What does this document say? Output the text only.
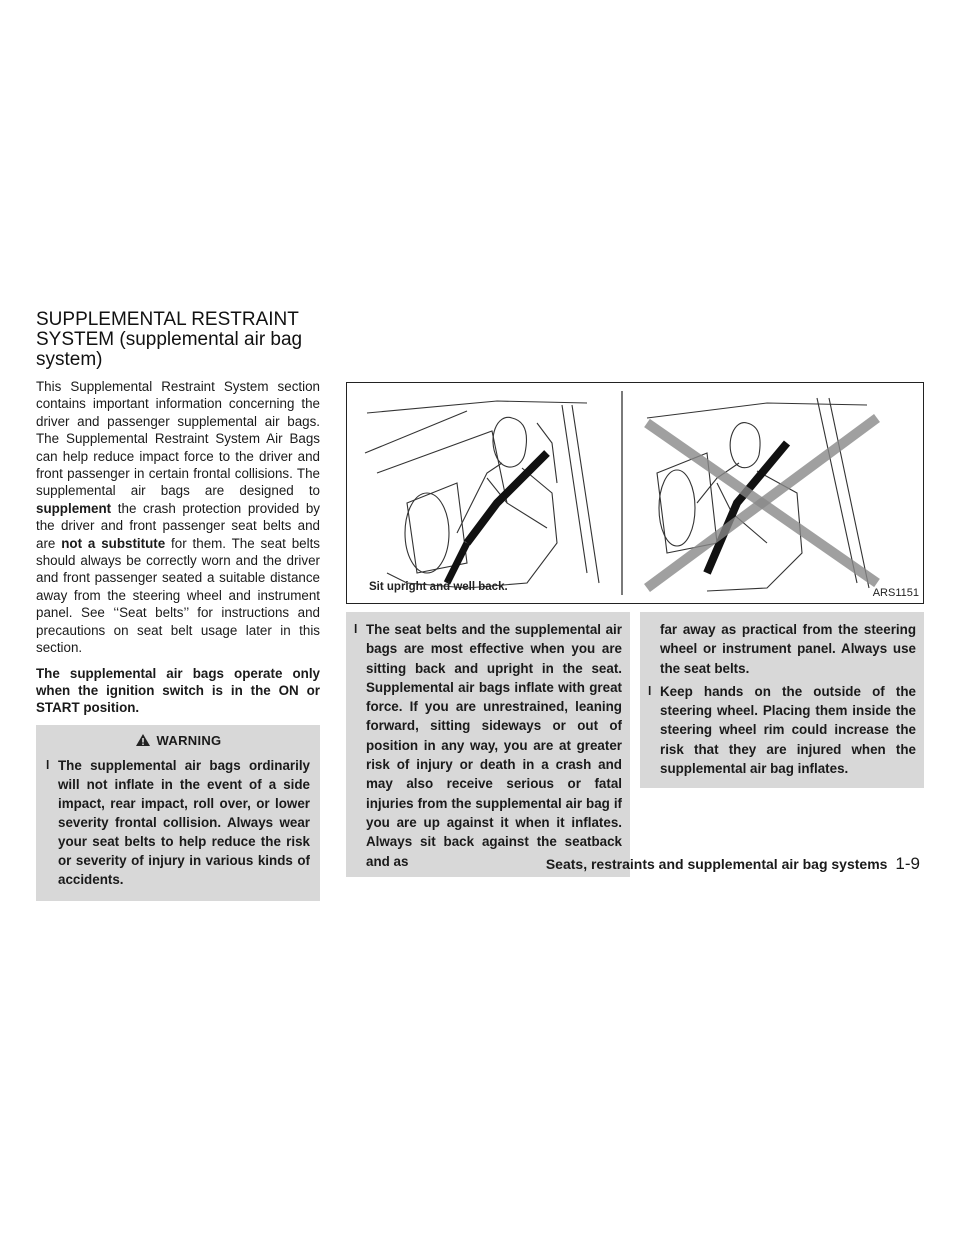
SUPPLEMENTAL RESTRAINT SYSTEM (supplemental air bag system)

This Supplemental Restraint System section contains important information concerning the driver and passenger supplemental air bags. The Supplemental Restraint System Air Bags can help reduce impact force to the driver and front passenger in certain frontal collisions. The supplemental air bags are designed to supplement the crash protection provided by the driver and front passenger seat belts and are not a substitute for them. The seat belts should always be correctly worn and the driver and front passenger seated a suitable distance away from the steering wheel and instrument panel. See ‘‘Seat belts’’ for instructions and precautions on seat belt usage later in this section.

The supplemental air bags operate only when the ignition switch is in the ON or START position.

WARNING
l The supplemental air bags ordinarily will not inflate in the event of a side impact, rear impact, roll over, or lower severity frontal collision. Always wear your seat belts to help reduce the risk or severity of injury in various kinds of accidents.
Sit upright and well back.	ARS1151
l The seat belts and the supplemental air bags are most effective when you are sitting back and upright in the seat. Supplemental air bags inflate with great force. If you are unrestrained, leaning forward, sitting sideways or out of position in any way, you are at greater risk of injury or death in a crash and may also receive serious or fatal injuries from the supplemental air bag if you are up against it when it inflates. Always sit back against the seatback and as
far away as practical from the steering wheel or instrument panel. Always use the seat belts.
l Keep hands on the outside of the steering wheel. Placing them inside the steering wheel rim could increase the risk that they are injured when the supplemental air bag inflates.
Seats, restraints and supplemental air bag systems 1-9
